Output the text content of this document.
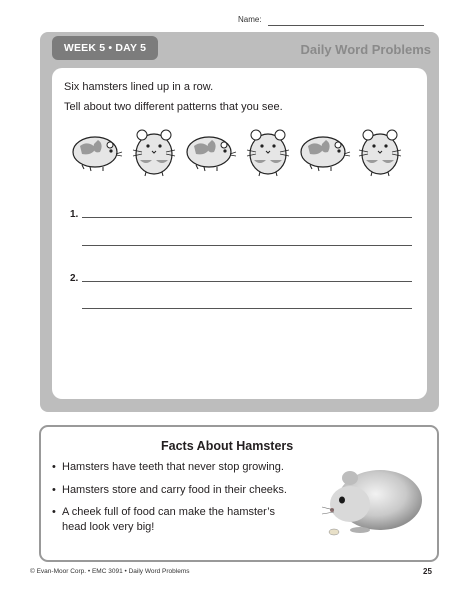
Name:
WEEK 5 • DAY 5	Daily Word Problems
Six hamsters lined up in a row.
Tell about two different patterns that you see.
1.
2.
Facts About Hamsters
• Hamsters have teeth that never stop growing.
• Hamsters store and carry food in their cheeks.
• A cheek full of food can make the hamster’s head look very big!
© Evan-Moor Corp. • EMC 3091 • Daily Word Problems	25
